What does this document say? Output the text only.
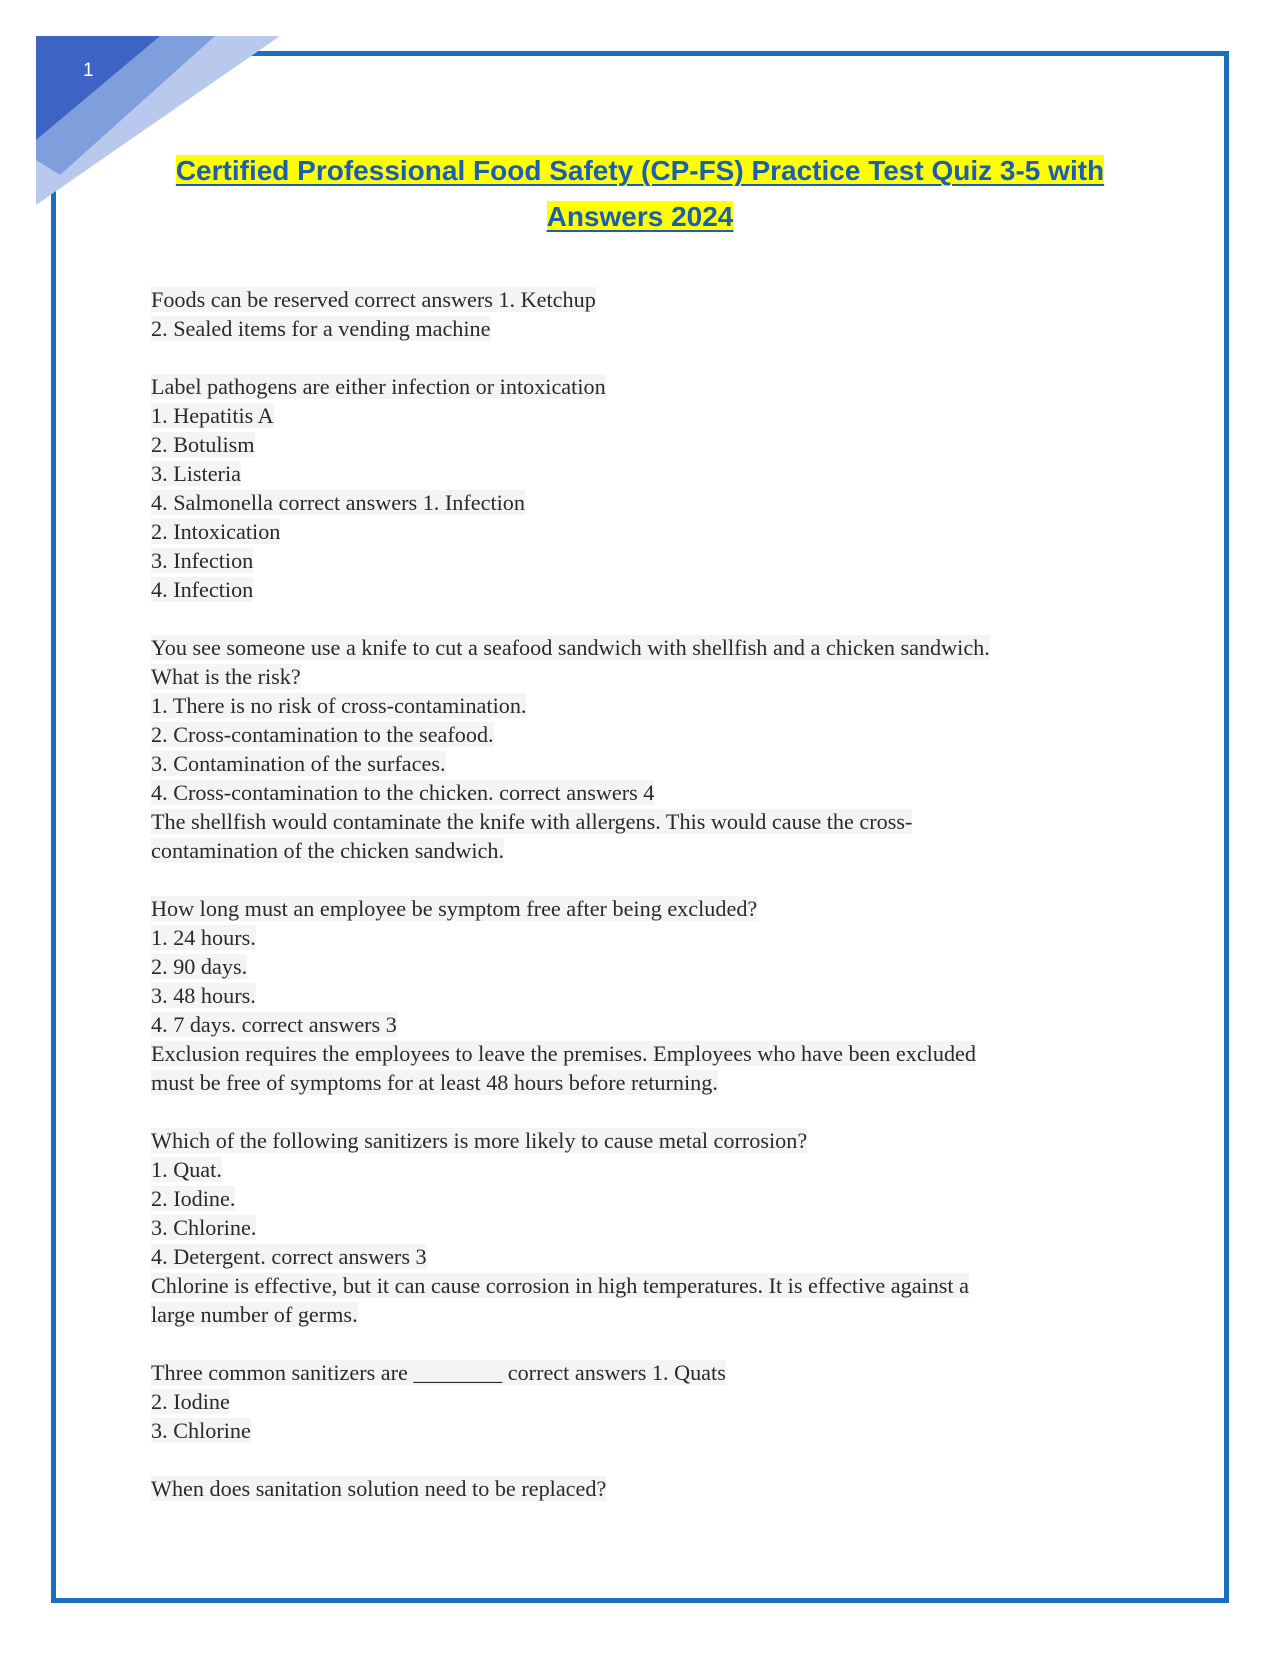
1
Certified Professional Food Safety (CP-FS) Practice Test Quiz 3-5 with
Answers 2024
Foods can be reserved correct answers 1. Ketchup
2. Sealed items for a vending machine
Label pathogens are either infection or intoxication
1. Hepatitis A
2. Botulism
3. Listeria
4. Salmonella correct answers 1. Infection
2. Intoxication
3. Infection
4. Infection
You see someone use a knife to cut a seafood sandwich with shellfish and a chicken sandwich.
What is the risk?
1. There is no risk of cross-contamination.
2. Cross-contamination to the seafood.
3. Contamination of the surfaces.
4. Cross-contamination to the chicken. correct answers 4
The shellfish would contaminate the knife with allergens. This would cause the cross-
contamination of the chicken sandwich.
How long must an employee be symptom free after being excluded?
1. 24 hours.
2. 90 days.
3. 48 hours.
4. 7 days. correct answers 3
Exclusion requires the employees to leave the premises. Employees who have been excluded
must be free of symptoms for at least 48 hours before returning.
Which of the following sanitizers is more likely to cause metal corrosion?
1. Quat.
2. Iodine.
3. Chlorine.
4. Detergent. correct answers 3
Chlorine is effective, but it can cause corrosion in high temperatures. It is effective against a
large number of germs.
Three common sanitizers are ________ correct answers 1. Quats
2. Iodine
3. Chlorine
When does sanitation solution need to be replaced?
